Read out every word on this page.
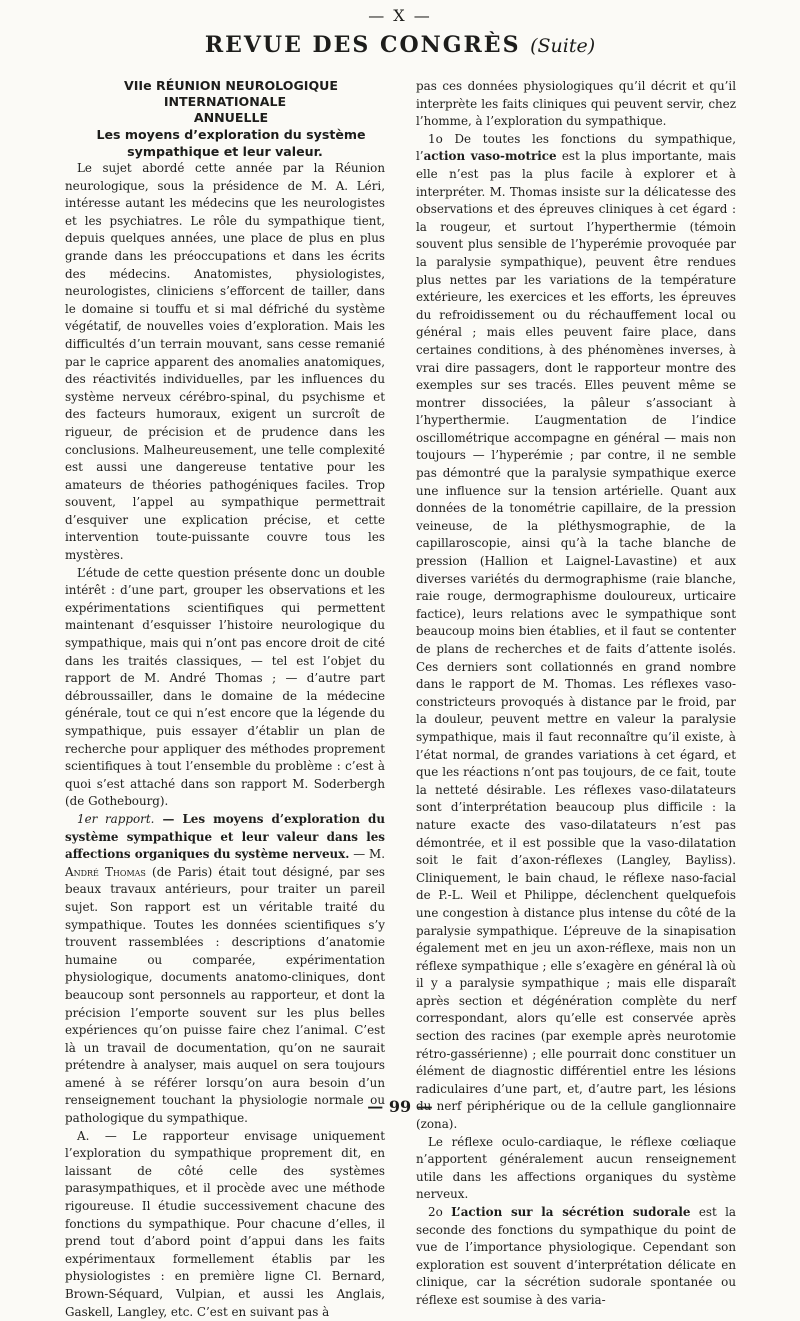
— X —
REVUE DES CONGRÈS (Suite)

VIIe RÉUNION NEUROLOGIQUE INTERNATIONALE

ANNUELLE

Les moyens d’exploration du système sympathique et leur valeur.

Le sujet abordé cette année par la Réunion neurologique, sous la présidence de M. A. Léri, intéresse autant les médecins que les neurologistes et les psychiatres. Le rôle du sympathique tient, depuis quelques années, une place de plus en plus grande dans les préoccupations et dans les écrits des médecins. Anatomistes, physiologistes, neurologistes, cliniciens s’efforcent de tailler, dans le domaine si touffu et si mal défriché du système végétatif, de nouvelles voies d’exploration. Mais les difficultés d’un terrain mouvant, sans cesse remanié par le caprice apparent des anomalies anatomiques, des réactivités individuelles, par les influences du système nerveux cérébro-spinal, du psychisme et des facteurs humoraux, exigent un surcroît de rigueur, de précision et de prudence dans les conclusions. Malheureusement, une telle complexité est aussi une dangereuse tentative pour les amateurs de théories pathogéniques faciles. Trop souvent, l’appel au sympathique permettrait d’esquiver une explication précise, et cette intervention toute-puissante couvre tous les mystères.

L’étude de cette question présente donc un double intérêt : d’une part, grouper les observations et les expérimentations scientifiques qui permettent maintenant d’esquisser l’histoire neurologique du sympathique, mais qui n’ont pas encore droit de cité dans les traités classiques, — tel est l’objet du rapport de M. André Thomas ; — d’autre part débroussailler, dans le domaine de la médecine générale, tout ce qui n’est encore que la légende du sympathique, puis essayer d’établir un plan de recherche pour appliquer des méthodes proprement scientifiques à tout l’ensemble du problème : c’est à quoi s’est attaché dans son rapport M. Soderbergh (de Gothebourg).

1er rapport. — Les moyens d’exploration du système sympathique et leur valeur dans les affections organiques du système nerveux. — M. André Thomas (de Paris) était tout désigné, par ses beaux travaux antérieurs, pour traiter un pareil sujet. Son rapport est un véritable traité du sympathique. Toutes les données scientifiques s’y trouvent rassemblées : descriptions d’anatomie humaine ou comparée, expérimentation physiologique, documents anatomo-cliniques, dont beaucoup sont personnels au rapporteur, et dont la précision l’emporte souvent sur les plus belles expériences qu’on puisse faire chez l’animal. C’est là un travail de documentation, qu’on ne saurait prétendre à analyser, mais auquel on sera toujours amené à se référer lorsqu’on aura besoin d’un renseignement touchant la physiologie normale ou pathologique du sympathique.

A. — Le rapporteur envisage uniquement l’exploration du sympathique proprement dit, en laissant de côté celle des systèmes parasympathiques, et il procède avec une méthode rigoureuse. Il étudie successivement chacune des fonctions du sympathique. Pour chacune d’elles, il prend tout d’abord point d’appui dans les faits expérimentaux formellement établis par les physiologistes : en première ligne Cl. Bernard, Brown-Séquard, Vulpian, et aussi les Anglais, Gaskell, Langley, etc. C’est en suivant pas à

pas ces données physiologiques qu’il décrit et qu’il interprète les faits cliniques qui peuvent servir, chez l’homme, à l’exploration du sympathique.

1o De toutes les fonctions du sympathique, l’action vaso-motrice est la plus importante, mais elle n’est pas la plus facile à explorer et à interpréter. M. Thomas insiste sur la délicatesse des observations et des épreuves cliniques à cet égard : la rougeur, et surtout l’hyperthermie (témoin souvent plus sensible de l’hyperémie provoquée par la paralysie sympathique), peuvent être rendues plus nettes par les variations de la température extérieure, les exercices et les efforts, les épreuves du refroidissement ou du réchauffement local ou général ; mais elles peuvent faire place, dans certaines conditions, à des phénomènes inverses, à vrai dire passagers, dont le rapporteur montre des exemples sur ses tracés. Elles peuvent même se montrer dissociées, la pâleur s’associant à l’hyperthermie. L’augmentation de l’indice oscillométrique accompagne en général — mais non toujours — l’hyperémie ; par contre, il ne semble pas démontré que la paralysie sympathique exerce une influence sur la tension artérielle. Quant aux données de la tonométrie capillaire, de la pression veineuse, de la pléthysmographie, de la capillaroscopie, ainsi qu’à la tache blanche de pression (Hallion et Laignel-Lavastine) et aux diverses variétés du dermographisme (raie blanche, raie rouge, dermographisme douloureux, urticaire factice), leurs relations avec le sympathique sont beaucoup moins bien établies, et il faut se contenter de plans de recherches et de faits d’attente isolés. Ces derniers sont collationnés en grand nombre dans le rapport de M. Thomas. Les réflexes vaso-constricteurs provoqués à distance par le froid, par la douleur, peuvent mettre en valeur la paralysie sympathique, mais il faut reconnaître qu’il existe, à l’état normal, de grandes variations à cet égard, et que les réactions n’ont pas toujours, de ce fait, toute la netteté désirable. Les réflexes vaso-dilatateurs sont d’interprétation beaucoup plus difficile : la nature exacte des vaso-dilatateurs n’est pas démontrée, et il est possible que la vaso-dilatation soit le fait d’axon-réflexes (Langley, Bayliss). Cliniquement, le bain chaud, le réflexe naso-facial de P.-L. Weil et Philippe, déclenchent quelquefois une congestion à distance plus intense du côté de la paralysie sympathique. L’épreuve de la sinapisation également met en jeu un axon-réflexe, mais non un réflexe sympathique ; elle s’exagère en général là où il y a paralysie sympathique ; mais elle disparaît après section et dégénération complète du nerf correspondant, alors qu’elle est conservée après section des racines (par exemple après neurotomie rétro-gassérienne) ; elle pourrait donc constituer un élément de diagnostic différentiel entre les lésions radiculaires d’une part, et, d’autre part, les lésions du nerf périphérique ou de la cellule ganglionnaire (zona).

Le réflexe oculo-cardiaque, le réflexe cœliaque n’apportent généralement aucun renseignement utile dans les affections organiques du système nerveux.

2o L’action sur la sécrétion sudorale est la seconde des fonctions du sympathique du point de vue de l’importance physiologique. Cependant son exploration est souvent d’interprétation délicate en clinique, car la sécrétion sudorale spontanée ou réflexe est soumise à des varia-

— 99 —
